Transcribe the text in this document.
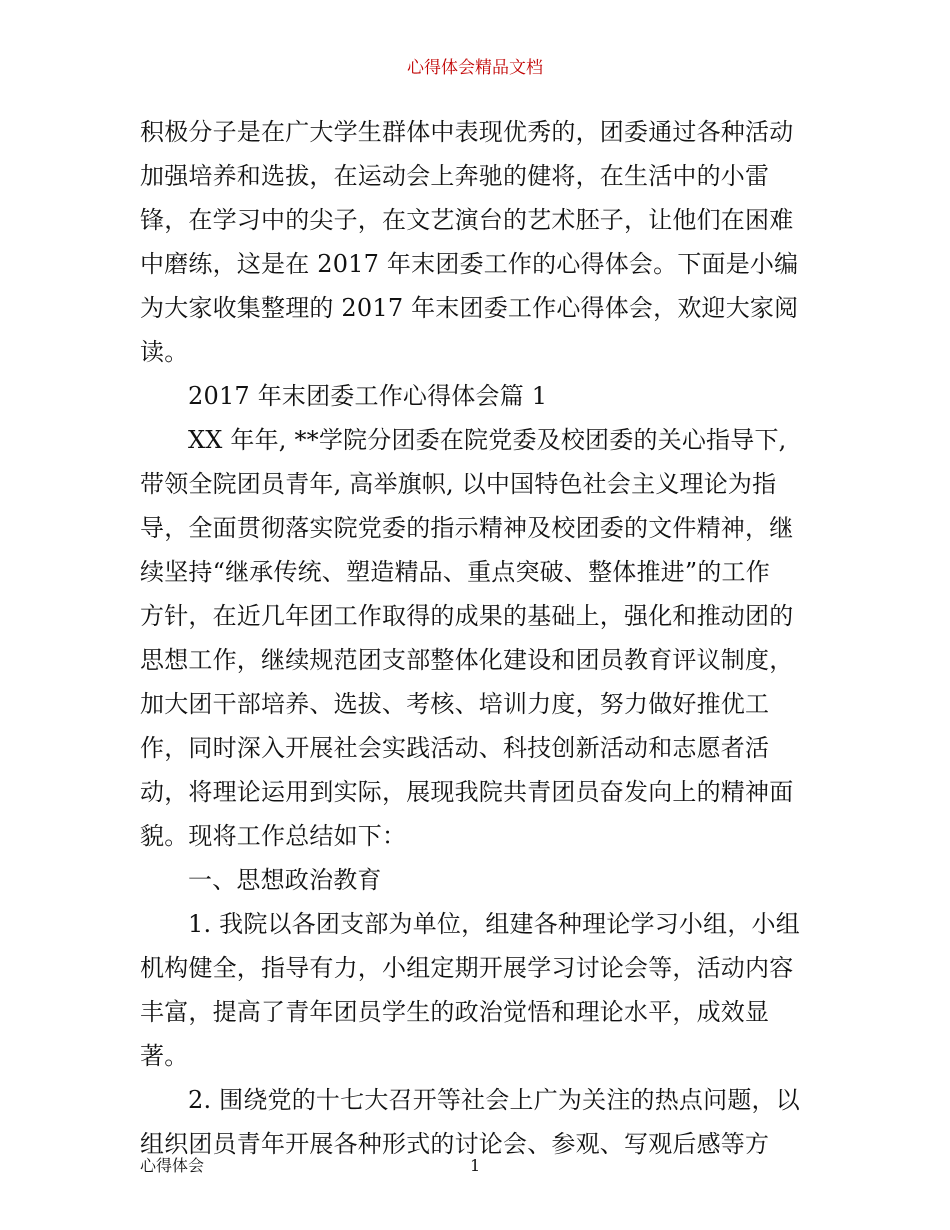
心得体会精品文档
积极分子是在广大学生群体中表现优秀的，团委通过各种活动
加强培养和选拔，在运动会上奔驰的健将，在生活中的小雷
锋，在学习中的尖子，在文艺演台的艺术胚子，让他们在困难
中磨练，这是在 2017 年末团委工作的心得体会。下面是小编
为大家收集整理的 2017 年末团委工作心得体会，欢迎大家阅
读。
2017 年末团委工作心得体会篇 1
XX 年年, **学院分团委在院党委及校团委的关心指导下,
带领全院团员青年, 高举旗帜, 以中国特色社会主义理论为指
导，全面贯彻落实院党委的指示精神及校团委的文件精神，继
续坚持“继承传统、塑造精品、重点突破、整体推进”的工作
方针，在近几年团工作取得的成果的基础上，强化和推动团的
思想工作，继续规范团支部整体化建设和团员教育评议制度，
加大团干部培养、选拔、考核、培训力度，努力做好推优工
作，同时深入开展社会实践活动、科技创新活动和志愿者活
动，将理论运用到实际，展现我院共青团员奋发向上的精神面
貌。现将工作总结如下：
一、思想政治教育
1. 我院以各团支部为单位，组建各种理论学习小组，小组
机构健全，指导有力，小组定期开展学习讨论会等，活动内容
丰富，提高了青年团员学生的政治觉悟和理论水平，成效显
著。
2. 围绕党的十七大召开等社会上广为关注的热点问题，以
组织团员青年开展各种形式的讨论会、参观、写观后感等方
心得体会	1
